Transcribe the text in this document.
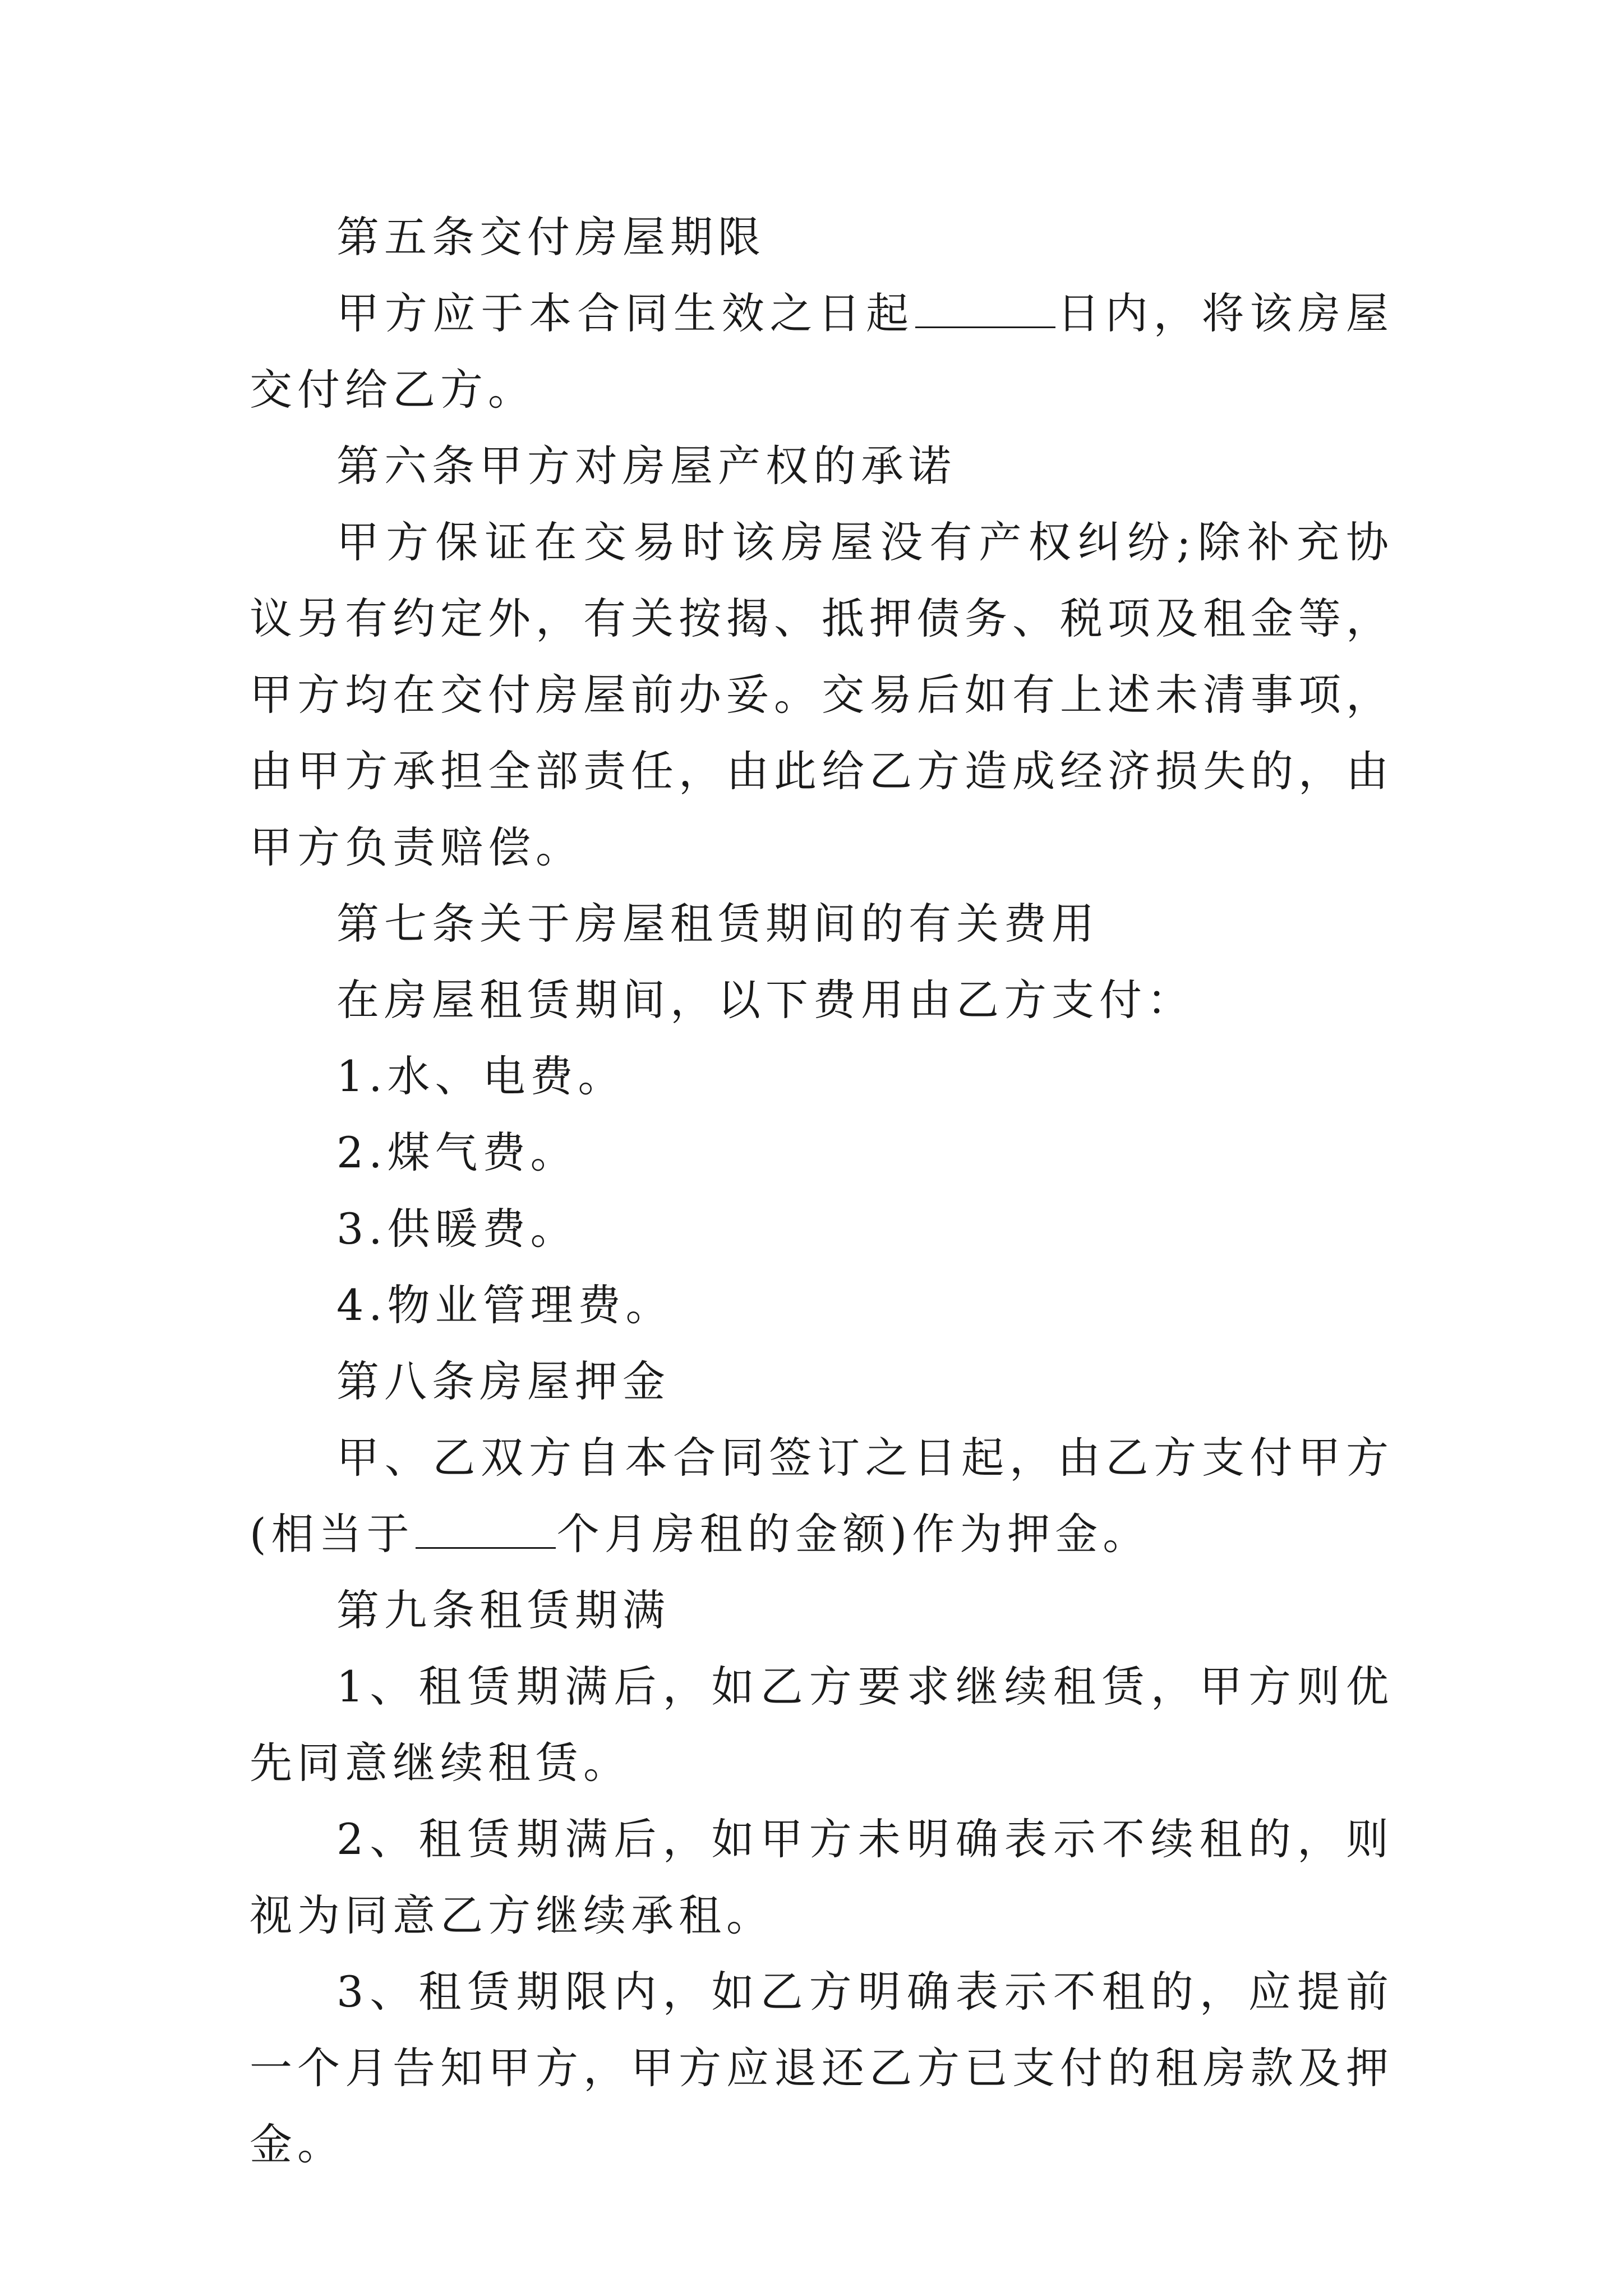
第五条交付房屋期限

甲方应于本合同生效之日起	日内，将该房屋交付给乙方。

第六条甲方对房屋产权的承诺

甲方保证在交易时该房屋没有产权纠纷;除补充协议另有约定外，有关按揭、抵押债务、税项及租金等，甲方均在交付房屋前办妥。交易后如有上述未清事项，由甲方承担全部责任，由此给乙方造成经济损失的，由甲方负责赔偿。

第七条关于房屋租赁期间的有关费用

在房屋租赁期间，以下费用由乙方支付：

1.水、电费。

2.煤气费。

3.供暖费。

4.物业管理费。

第八条房屋押金

甲、乙双方自本合同签订之日起，由乙方支付甲方(相当于	个月房租的金额)作为押金。

第九条租赁期满

1、租赁期满后，如乙方要求继续租赁，甲方则优先同意继续租赁。

2、租赁期满后，如甲方未明确表示不续租的，则视为同意乙方继续承租。

3、租赁期限内，如乙方明确表示不租的，应提前一个月告知甲方，甲方应退还乙方已支付的租房款及押金。
